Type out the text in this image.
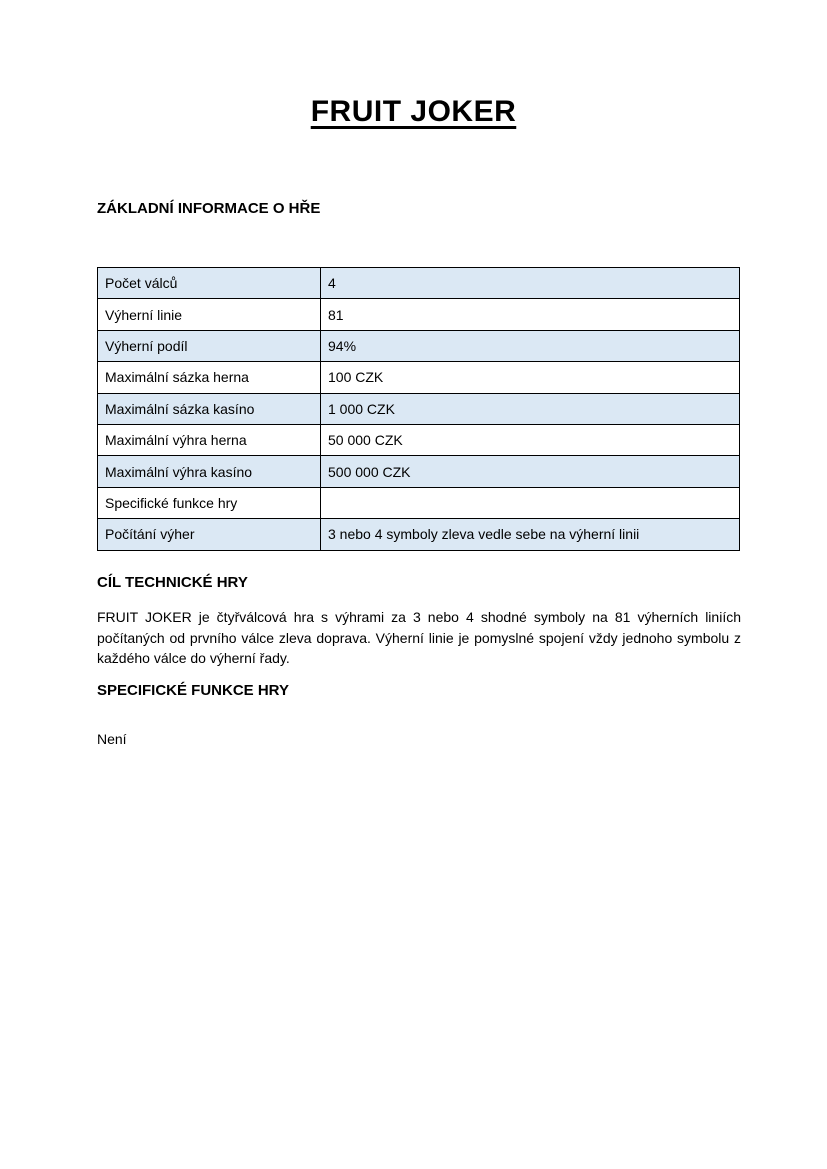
FRUIT JOKER
ZÁKLADNÍ INFORMACE O HŘE
Počet válců	4
Výherní linie	81
Výherní podíl	94%
Maximální sázka herna	100 CZK
Maximální sázka kasíno	1 000 CZK
Maximální výhra herna	50 000 CZK
Maximální výhra kasíno	500 000 CZK
Specifické funkce hry	
Počítání výher	3 nebo 4 symboly zleva vedle sebe na výherní linii
CÍL TECHNICKÉ HRY
FRUIT JOKER je čtyřválcová hra s výhrami za 3 nebo 4 shodné symboly na 81 výherních liniích počítaných od prvního válce zleva doprava. Výherní linie je pomyslné spojení vždy jednoho symbolu z každého válce do výherní řady.
SPECIFICKÉ FUNKCE HRY
Není
